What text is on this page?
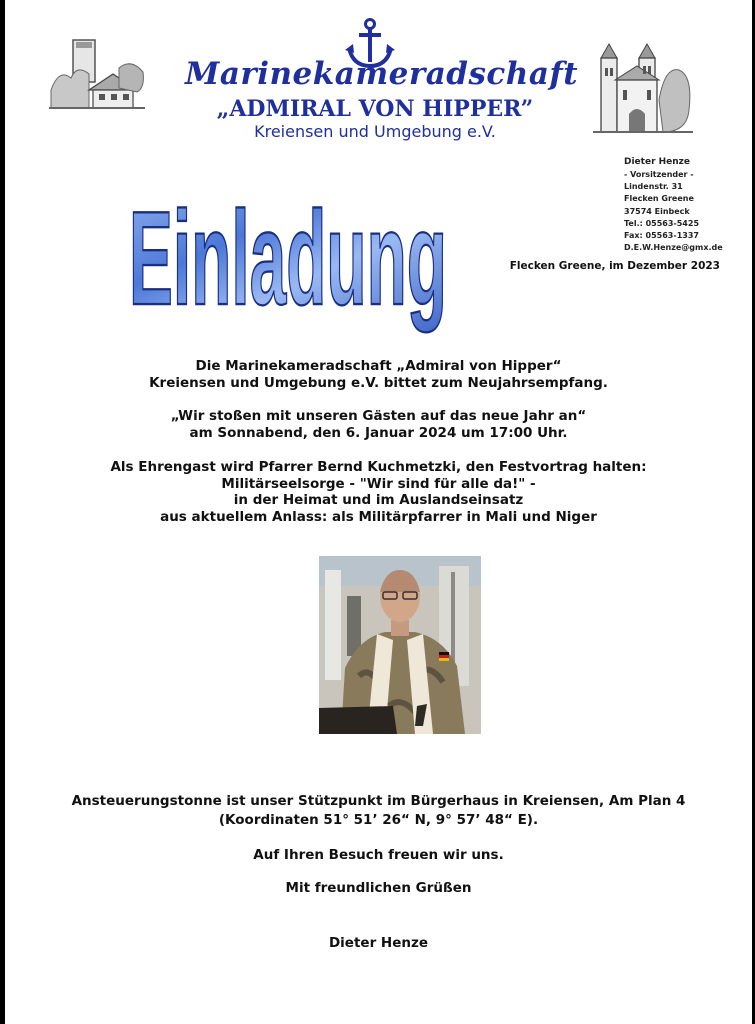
Marinekameradschaft
„ADMIRAL VON HIPPER”
Kreiensen und Umgebung e.V.
Dieter Henze
- Vorsitzender -
Lindenstr. 31
Flecken Greene
37574 Einbeck
Tel.: 05563-5425
Fax: 05563-1337
D.E.W.Henze@gmx.de
Flecken Greene, im Dezember 2023
Einladung
Die Marinekameradschaft „Admiral von Hipper“
Kreiensen und Umgebung e.V. bittet zum Neujahrsempfang.
„Wir stoßen mit unseren Gästen auf das neue Jahr an“
am Sonnabend, den 6. Januar 2024 um 17:00 Uhr.
Als Ehrengast wird Pfarrer Bernd Kuchmetzki, den Festvortrag halten:
Militärseelsorge - "Wir sind für alle da!" -
in der Heimat und im Auslandseinsatz
aus aktuellem Anlass: als Militärpfarrer in Mali und Niger
Ansteuerungstonne ist unser Stützpunkt im Bürgerhaus in Kreiensen, Am Plan 4
(Koordinaten 51° 51’ 26“ N, 9° 57’ 48“ E).
Auf Ihren Besuch freuen wir uns.
Mit freundlichen Grüßen
Dieter Henze
